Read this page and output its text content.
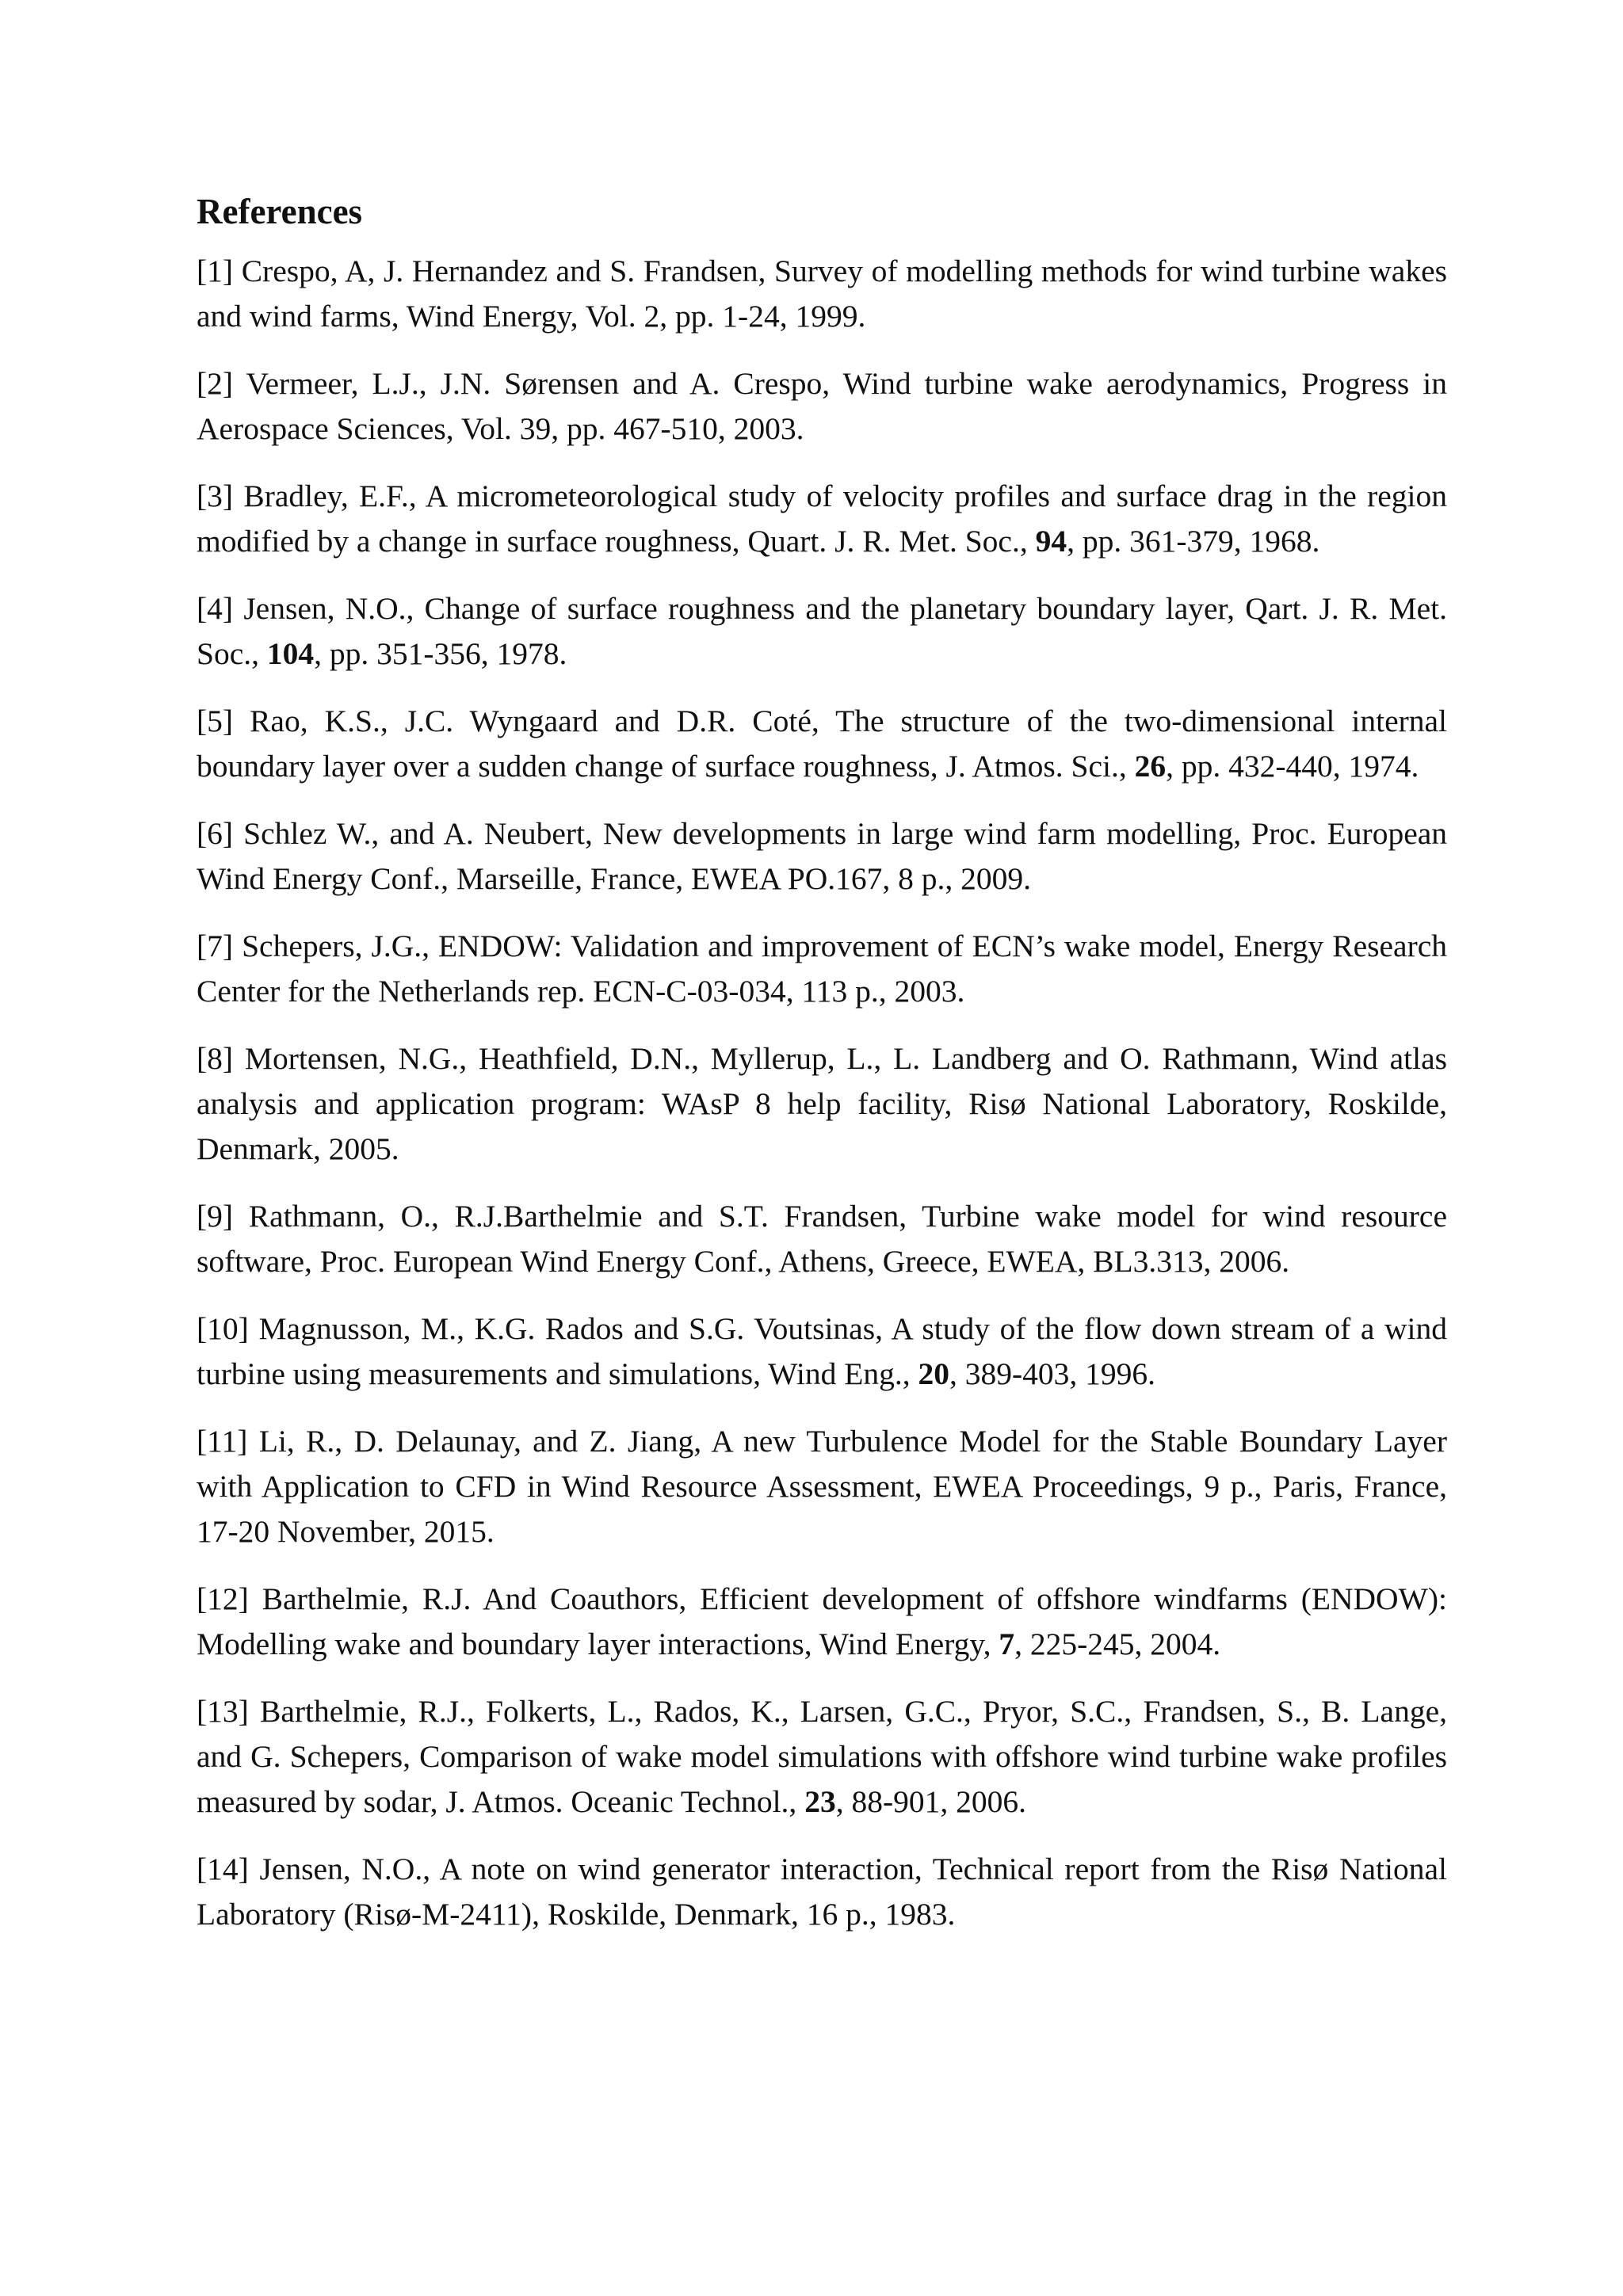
References

[1] Crespo, A, J. Hernandez and S. Frandsen, Survey of modelling methods for wind turbine wakes and wind farms, Wind Energy, Vol. 2, pp. 1-24, 1999.

[2] Vermeer, L.J., J.N. Sørensen and A. Crespo, Wind turbine wake aerodynamics, Progress in Aerospace Sciences, Vol. 39, pp. 467-510, 2003.

[3] Bradley, E.F., A micrometeorological study of velocity profiles and surface drag in the region modified by a change in surface roughness, Quart. J. R. Met. Soc., 94, pp. 361-379, 1968.

[4] Jensen, N.O., Change of surface roughness and the planetary boundary layer, Qart. J. R. Met. Soc., 104, pp. 351-356, 1978.

[5] Rao, K.S., J.C. Wyngaard and D.R. Coté, The structure of the two-dimensional internal boundary layer over a sudden change of surface roughness, J. Atmos. Sci., 26, pp. 432-440, 1974.

[6] Schlez W., and A. Neubert, New developments in large wind farm modelling, Proc. European Wind Energy Conf., Marseille, France, EWEA PO.167, 8 p., 2009.

[7] Schepers, J.G., ENDOW: Validation and improvement of ECN’s wake model, Energy Research Center for the Netherlands rep. ECN-C-03-034, 113 p., 2003.

[8] Mortensen, N.G., Heathfield, D.N., Myllerup, L., L. Landberg and O. Rathmann, Wind atlas analysis and application program: WAsP 8 help facility, Risø National Laboratory, Roskilde, Denmark, 2005.

[9] Rathmann, O., R.J.Barthelmie and S.T. Frandsen, Turbine wake model for wind resource software, Proc. European Wind Energy Conf., Athens, Greece, EWEA, BL3.313, 2006.

[10] Magnusson, M., K.G. Rados and S.G. Voutsinas, A study of the flow down stream of a wind turbine using measurements and simulations, Wind Eng., 20, 389-403, 1996.

[11] Li, R., D. Delaunay, and Z. Jiang, A new Turbulence Model for the Stable Boundary Layer with Application to CFD in Wind Resource Assessment, EWEA Proceedings, 9 p., Paris, France, 17-20 November, 2015.

[12] Barthelmie, R.J. And Coauthors, Efficient development of offshore windfarms (ENDOW): Modelling wake and boundary layer interactions, Wind Energy, 7, 225-245, 2004.

[13] Barthelmie, R.J., Folkerts, L., Rados, K., Larsen, G.C., Pryor, S.C., Frandsen, S., B. Lange, and G. Schepers, Comparison of wake model simulations with offshore wind turbine wake profiles measured by sodar, J. Atmos. Oceanic Technol., 23, 88-901, 2006.

[14] Jensen, N.O., A note on wind generator interaction, Technical report from the Risø National Laboratory (Risø-M-2411), Roskilde, Denmark, 16 p., 1983.
